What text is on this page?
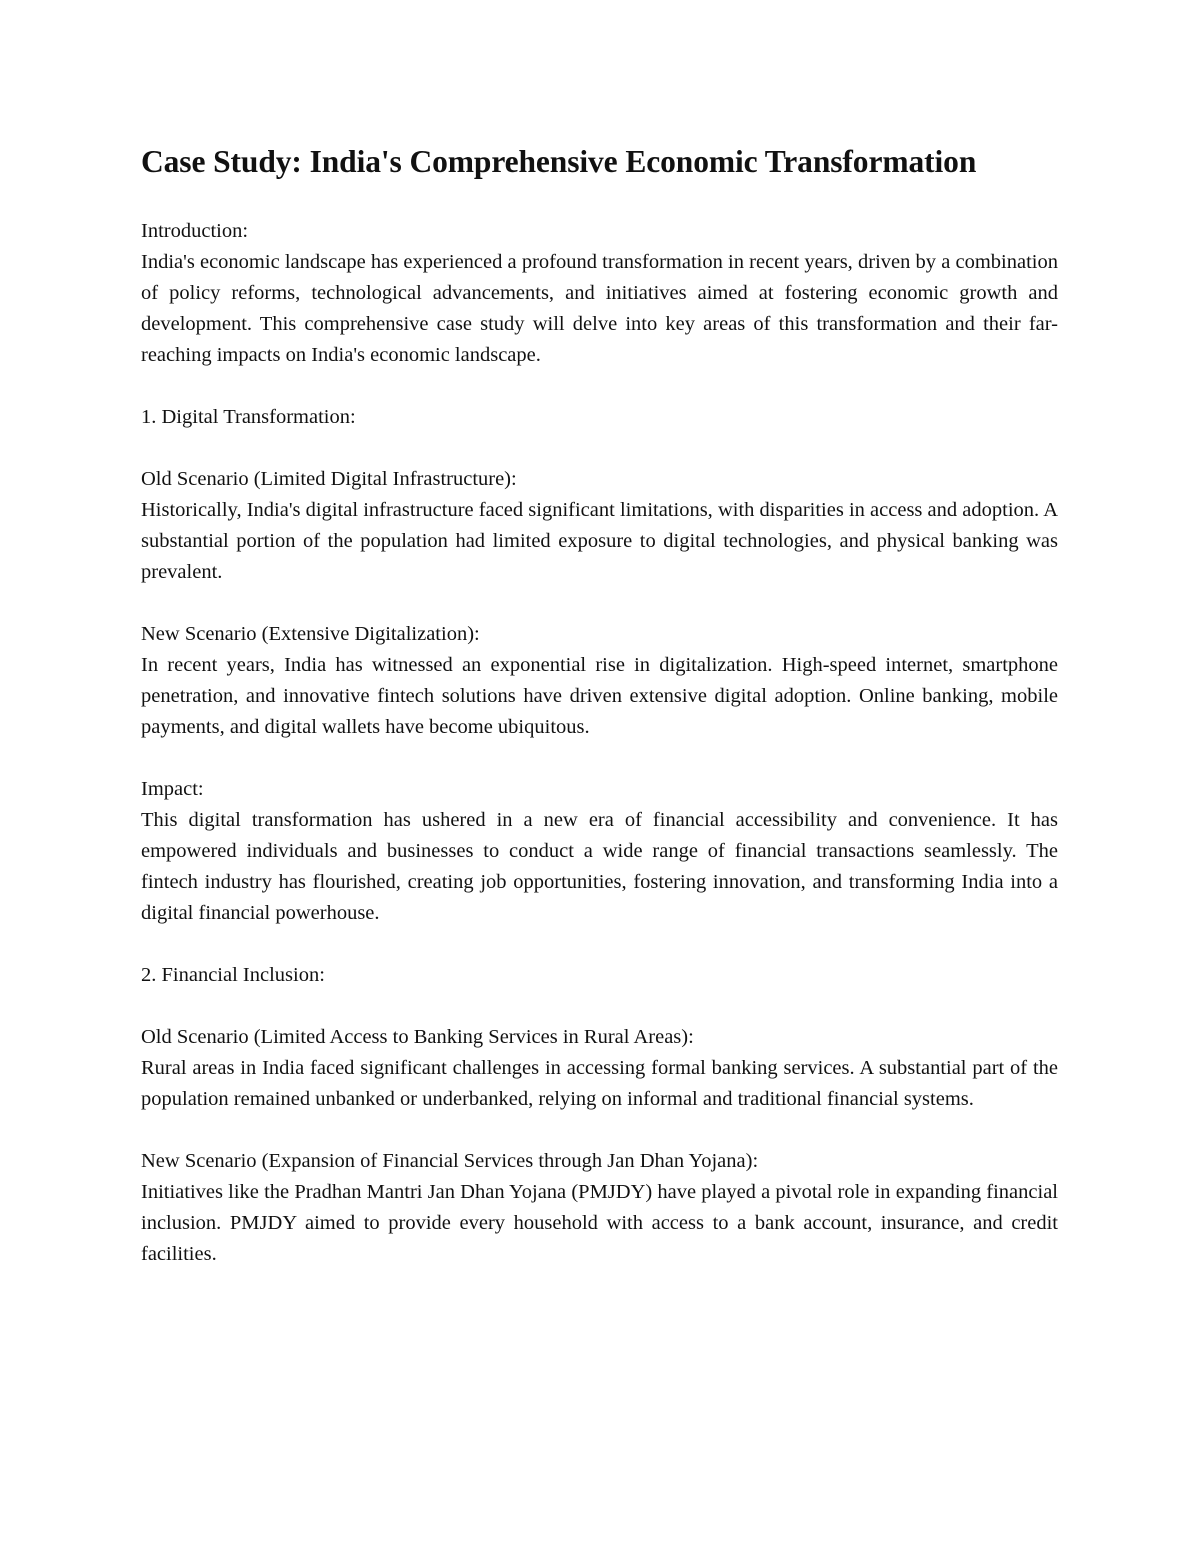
Case Study: India's Comprehensive Economic Transformation

Introduction:

India's economic landscape has experienced a profound transformation in recent years, driven by a combination of policy reforms, technological advancements, and initiatives aimed at fostering economic growth and development. This comprehensive case study will delve into key areas of this transformation and their far-reaching impacts on India's economic landscape.

1. Digital Transformation:

Old Scenario (Limited Digital Infrastructure):

Historically, India's digital infrastructure faced significant limitations, with disparities in access and adoption. A substantial portion of the population had limited exposure to digital technologies, and physical banking was prevalent.

New Scenario (Extensive Digitalization):

In recent years, India has witnessed an exponential rise in digitalization. High-speed internet, smartphone penetration, and innovative fintech solutions have driven extensive digital adoption. Online banking, mobile payments, and digital wallets have become ubiquitous.

Impact:

This digital transformation has ushered in a new era of financial accessibility and convenience. It has empowered individuals and businesses to conduct a wide range of financial transactions seamlessly. The fintech industry has flourished, creating job opportunities, fostering innovation, and transforming India into a digital financial powerhouse.

2. Financial Inclusion:

Old Scenario (Limited Access to Banking Services in Rural Areas):

Rural areas in India faced significant challenges in accessing formal banking services. A substantial part of the population remained unbanked or underbanked, relying on informal and traditional financial systems.

New Scenario (Expansion of Financial Services through Jan Dhan Yojana):

Initiatives like the Pradhan Mantri Jan Dhan Yojana (PMJDY) have played a pivotal role in expanding financial inclusion. PMJDY aimed to provide every household with access to a bank account, insurance, and credit facilities.
